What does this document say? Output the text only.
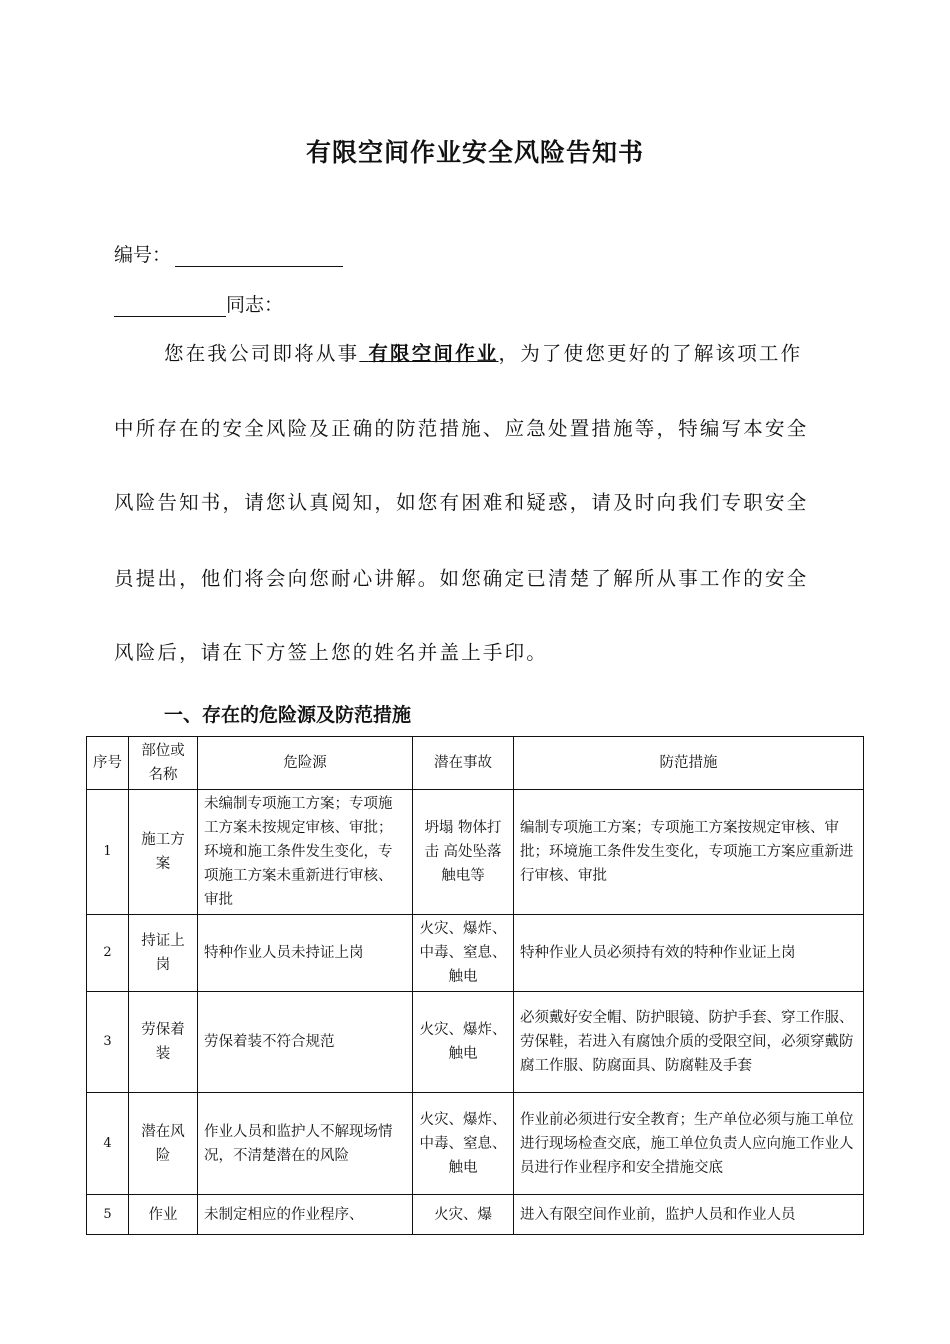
有限空间作业安全风险告知书
编号：
同志：
您在我公司即将从事 有限空间作业，为了使您更好的了解该项工作
中所存在的安全风险及正确的防范措施、应急处置措施等，特编写本安全
风险告知书，请您认真阅知，如您有困难和疑惑，请及时向我们专职安全
员提出，他们将会向您耐心讲解。如您确定已清楚了解所从事工作的安全
风险后，请在下方签上您的姓名并盖上手印。
一、存在的危险源及防范措施
序号	部位或名称	危险源	潜在事故	防范措施
1	施工方案	未编制专项施工方案；专项施工方案未按规定审核、审批；环境和施工条件发生变化，专项施工方案未重新进行审核、审批	坍塌 物体打击 高处坠落 触电等	编制专项施工方案；专项施工方案按规定审核、审批；环境施工条件发生变化，专项施工方案应重新进行审核、审批
2	持证上岗	特种作业人员未持证上岗	火灾、爆炸、中毒、窒息、触电	特种作业人员必须持有效的特种作业证上岗
3	劳保着装	劳保着装不符合规范	火灾、爆炸、触电	必须戴好安全帽、防护眼镜、防护手套、穿工作服、劳保鞋，若进入有腐蚀介质的受限空间，必须穿戴防腐工作服、防腐面具、防腐鞋及手套
4	潜在风险	作业人员和监护人不解现场情况，不清楚潜在的风险	火灾、爆炸、中毒、窒息、触电	作业前必须进行安全教育；生产单位必须与施工单位进行现场检查交底，施工单位负责人应向施工作业人员进行作业程序和安全措施交底
5	作业	未制定相应的作业程序、	火灾、爆	进入有限空间作业前，监护人员和作业人员
